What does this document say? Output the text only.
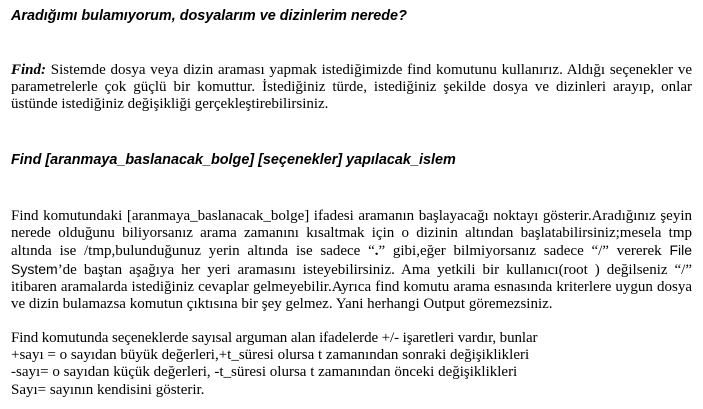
Aradığımı bulamıyorum, dosyalarım ve dizinlerim nerede?

Find: Sistemde dosya veya dizin araması yapmak istediğimizde find komutunu kullanırız. Aldığı seçenekler ve parametrelerle çok güçlü bir komuttur. İstediğiniz türde, istediğiniz şekilde dosya ve dizinleri arayıp, onlar üstünde istediğiniz değişikliği gerçekleştirebilirsiniz.

Find [aranmaya_baslanacak_bolge] [seçenekler] yapılacak_islem

Find komutundaki [aranmaya_baslanacak_bolge] ifadesi aramanın başlayacağı noktayı gösterir.Aradığınız şeyin nerede olduğunu biliyorsanız arama zamanını kısaltmak için o dizinin altından başlatabilirsiniz;mesela tmp altında ise /tmp,bulunduğunuz yerin altında ise sadece “.” gibi,eğer bilmiyorsanız sadece “/” vererek File System’de baştan aşağıya her yeri aramasını isteyebilirsiniz. Ama yetkili bir kullanıcı(root ) değilseniz “/” itibaren aramalarda istediğiniz cevaplar gelmeyebilir.Ayrıca find komutu arama esnasında kriterlere uygun dosya ve dizin bulamazsa komutun çıktısına bir şey gelmez. Yani herhangi Output göremezsiniz.

Find komutunda seçeneklerde sayısal arguman alan ifadelerde +/- işaretleri vardır, bunlar

+sayı = o sayıdan büyük değerleri,+t_süresi olursa t zamanından sonraki değişiklikleri

-sayı= o sayıdan küçük değerleri, -t_süresi olursa t zamanından önceki değişiklikleri

Sayı= sayının kendisini gösterir.
